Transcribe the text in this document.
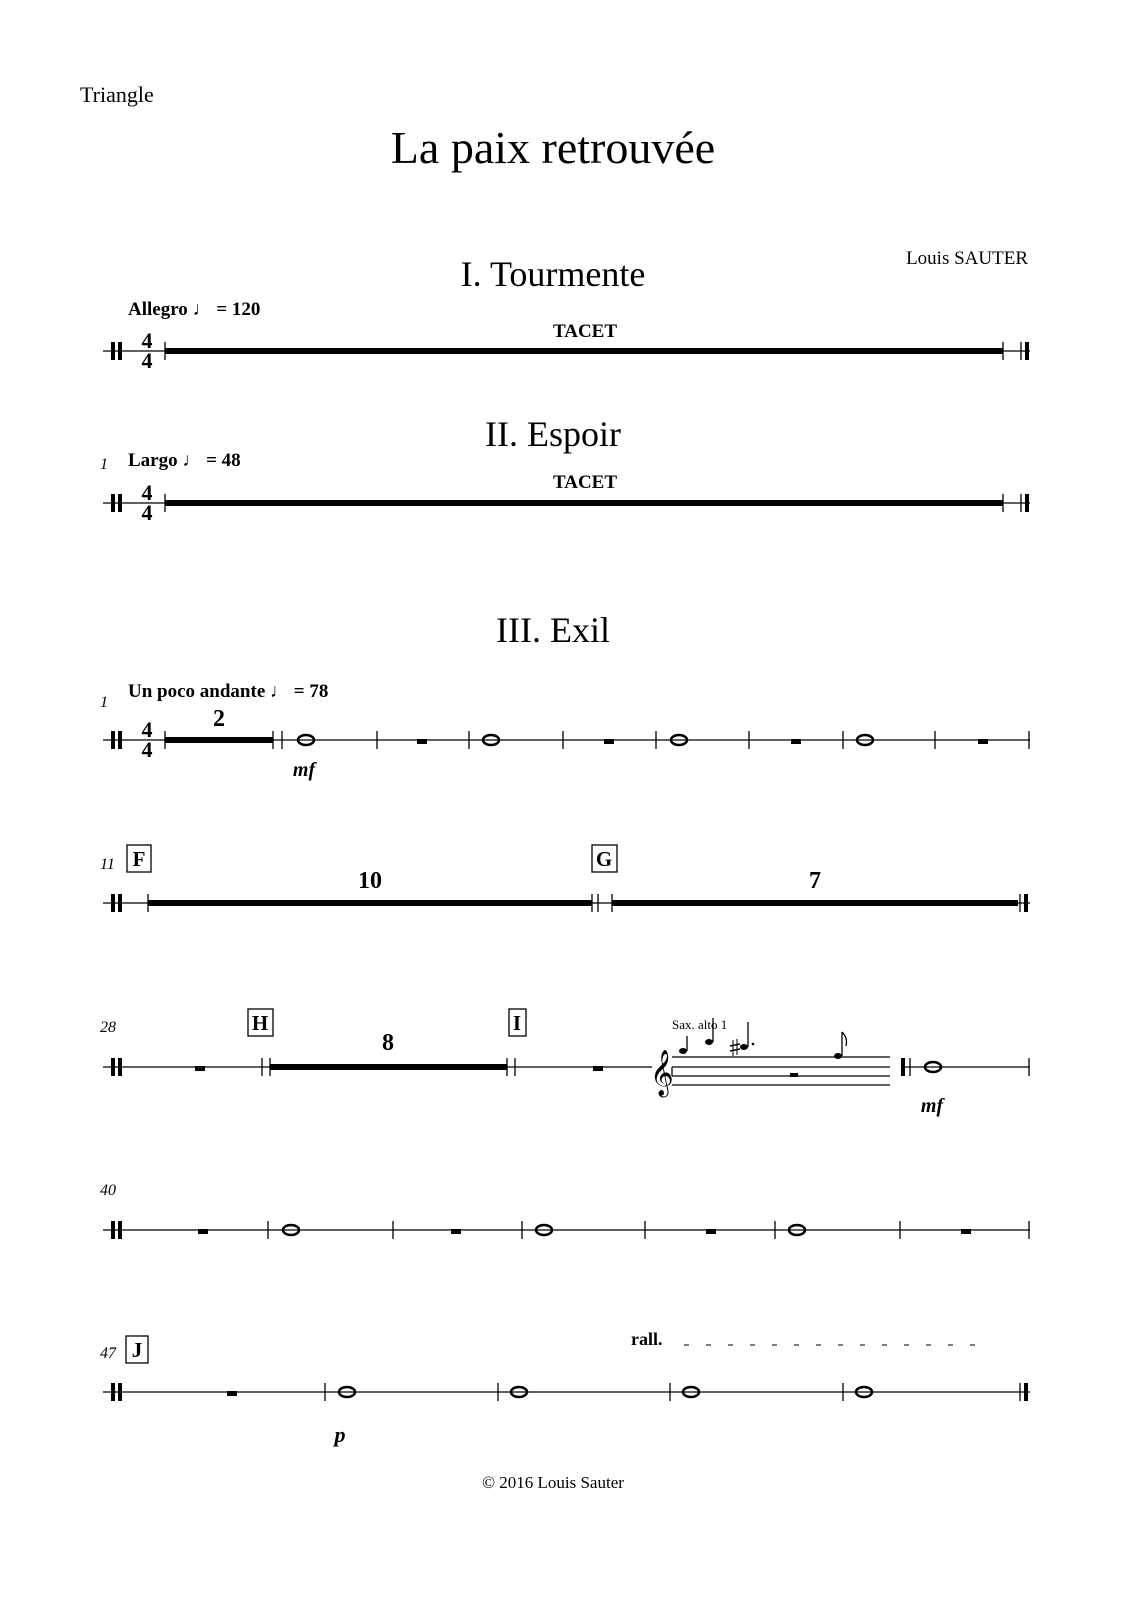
Triangle
La paix retrouvée
Louis SAUTER
I. Tourmente
Allegro ♩ = 120
TACET
II. Espoir
1 Largo ♩ = 48
TACET
III. Exil
1
Un poco andante ♩ = 78
2
mf
11 F	G
10	7
28	H	I
8
𝄞
Sax. alto 1
mf
40
47 J	rall.
p
© 2016 Louis Sauter
4
4
4
4
4
4
